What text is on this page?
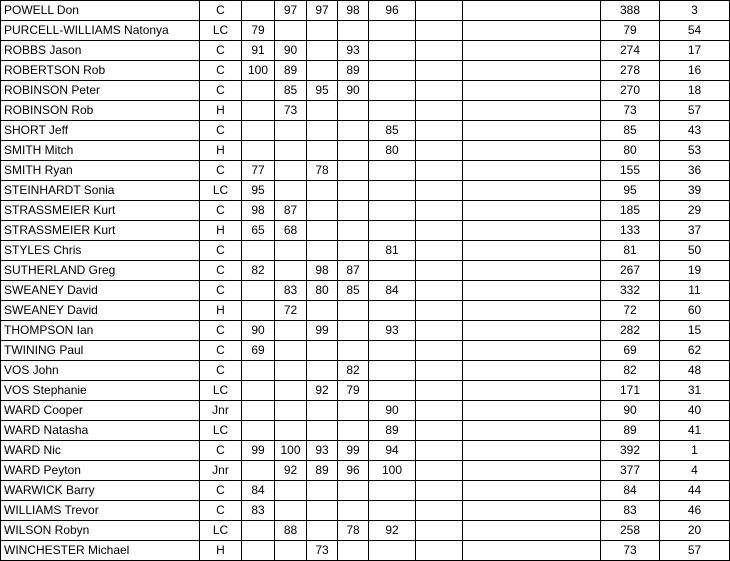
POWELL Don	C		97	97	98	96			388	3
PURCELL-WILLIAMS Natonya	LC	79							79	54
ROBBS Jason	C	91	90		93				274	17
ROBERTSON Rob	C	100	89		89				278	16
ROBINSON Peter	C		85	95	90				270	18
ROBINSON Rob	H		73						73	57
SHORT Jeff	C					85			85	43
SMITH Mitch	H					80			80	53
SMITH Ryan	C	77		78					155	36
STEINHARDT Sonia	LC	95							95	39
STRASSMEIER Kurt	C	98	87						185	29
STRASSMEIER Kurt	H	65	68						133	37
STYLES Chris	C					81			81	50
SUTHERLAND Greg	C	82		98	87				267	19
SWEANEY David	C		83	80	85	84			332	11
SWEANEY David	H		72						72	60
THOMPSON Ian	C	90		99		93			282	15
TWINING Paul	C	69							69	62
VOS John	C				82				82	48
VOS Stephanie	LC			92	79				171	31
WARD Cooper	Jnr					90			90	40
WARD Natasha	LC					89			89	41
WARD Nic	C	99	100	93	99	94			392	1
WARD Peyton	Jnr		92	89	96	100			377	4
WARWICK Barry	C	84							84	44
WILLIAMS Trevor	C	83							83	46
WILSON Robyn	LC		88		78	92			258	20
WINCHESTER Michael	H			73					73	57
